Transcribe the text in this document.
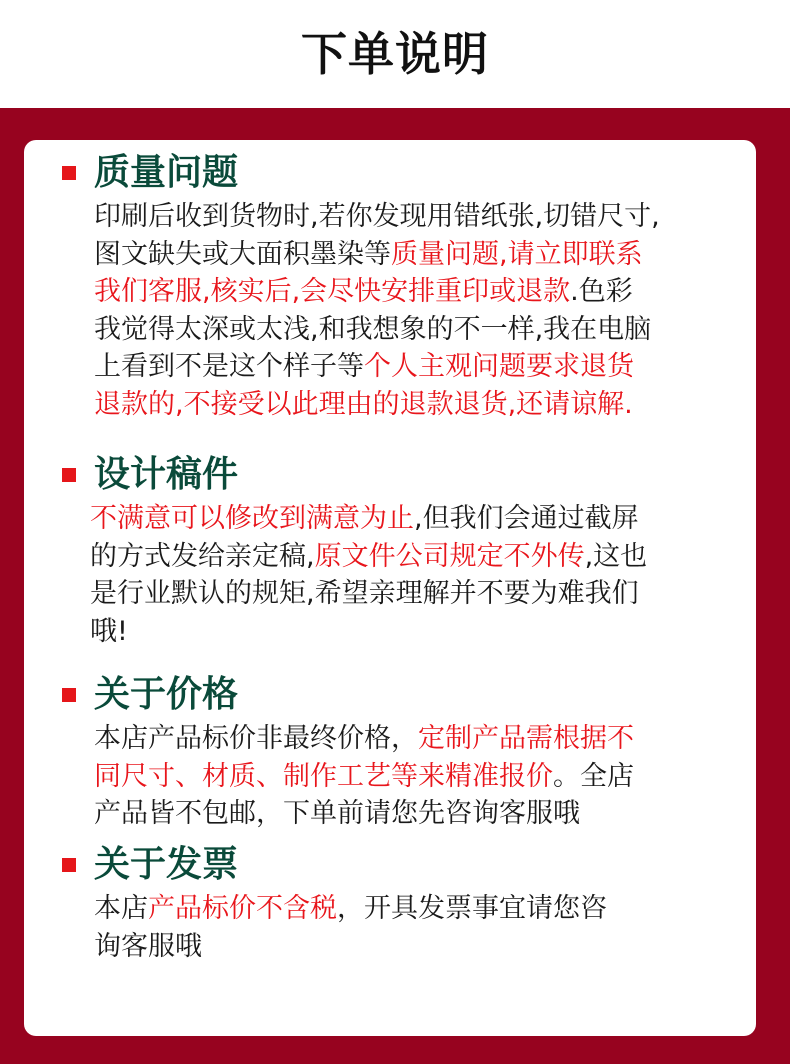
下单说明
质量问题
印刷后收到货物时,若你发现用错纸张,切错尺寸,
图文缺失或大面积墨染等质量问题,请立即联系
我们客服,核实后,会尽快安排重印或退款.色彩
我觉得太深或太浅,和我想象的不一样,我在电脑
上看到不是这个样子等个人主观问题要求退货
退款的,不接受以此理由的退款退货,还请谅解.
设计稿件
不满意可以修改到满意为止,但我们会通过截屏
的方式发给亲定稿,原文件公司规定不外传,这也
是行业默认的规矩,希望亲理解并不要为难我们
哦!
关于价格
本店产品标价非最终价格，定制产品需根据不
同尺寸、材质、制作工艺等来精准报价。全店
产品皆不包邮，下单前请您先咨询客服哦
关于发票
本店产品标价不含税，开具发票事宜请您咨
询客服哦
